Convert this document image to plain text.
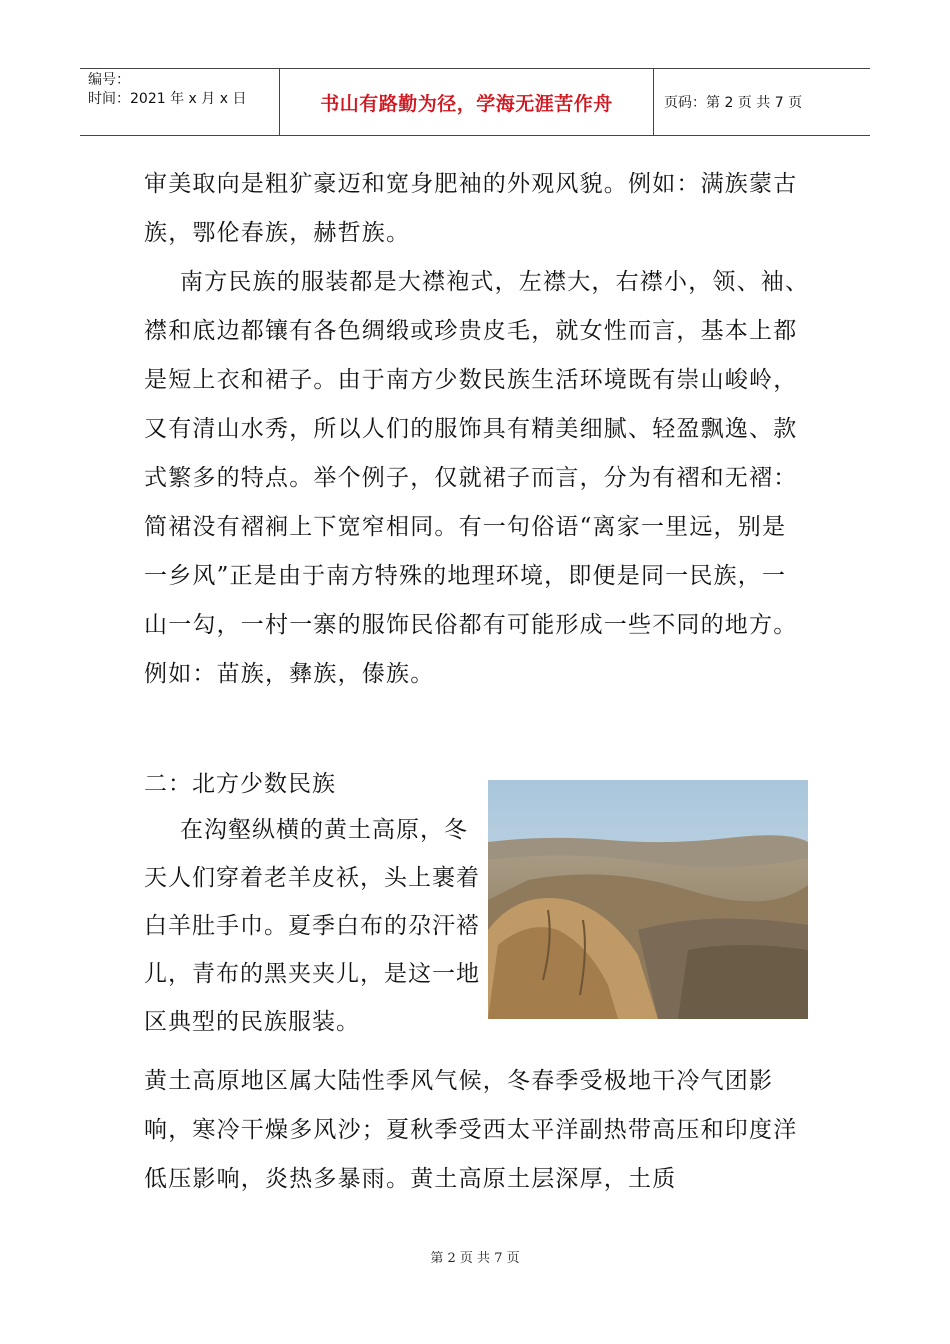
编号：
时间：2021 年 x 月 x 日	书山有路勤为径，学海无涯苦作舟	页码：第 2 页 共 7 页

审美取向是粗犷豪迈和宽身肥袖的外观风貌。例如：满族蒙古族，鄂伦春族，赫哲族。

南方民族的服装都是大襟袍式，左襟大，右襟小，领、袖、襟和底边都镶有各色绸缎或珍贵皮毛，就女性而言，基本上都是短上衣和裙子。由于南方少数民族生活环境既有崇山峻岭，又有清山水秀，所以人们的服饰具有精美细腻、轻盈飘逸、款式繁多的特点。举个例子，仅就裙子而言，分为有褶和无褶：简裙没有褶裥上下宽窄相同。有一句俗语“离家一里远，别是一乡风”正是由于南方特殊的地理环境，即便是同一民族，一山一勾，一村一寨的服饰民俗都有可能形成一些不同的地方。例如：苗族，彝族，傣族。

二：北方少数民族

在沟壑纵横的黄土高原，冬天人们穿着老羊皮袄，头上裹着白羊肚手巾。夏季白布的尕汗褡儿，青布的黑夹夹儿，是这一地区典型的民族服装。

黄土高原地区属大陆性季风气候，冬春季受极地干冷气团影响，寒冷干燥多风沙；夏秋季受西太平洋副热带高压和印度洋低压影响，炎热多暴雨。黄土高原土层深厚，土质

第 2 页 共 7 页
